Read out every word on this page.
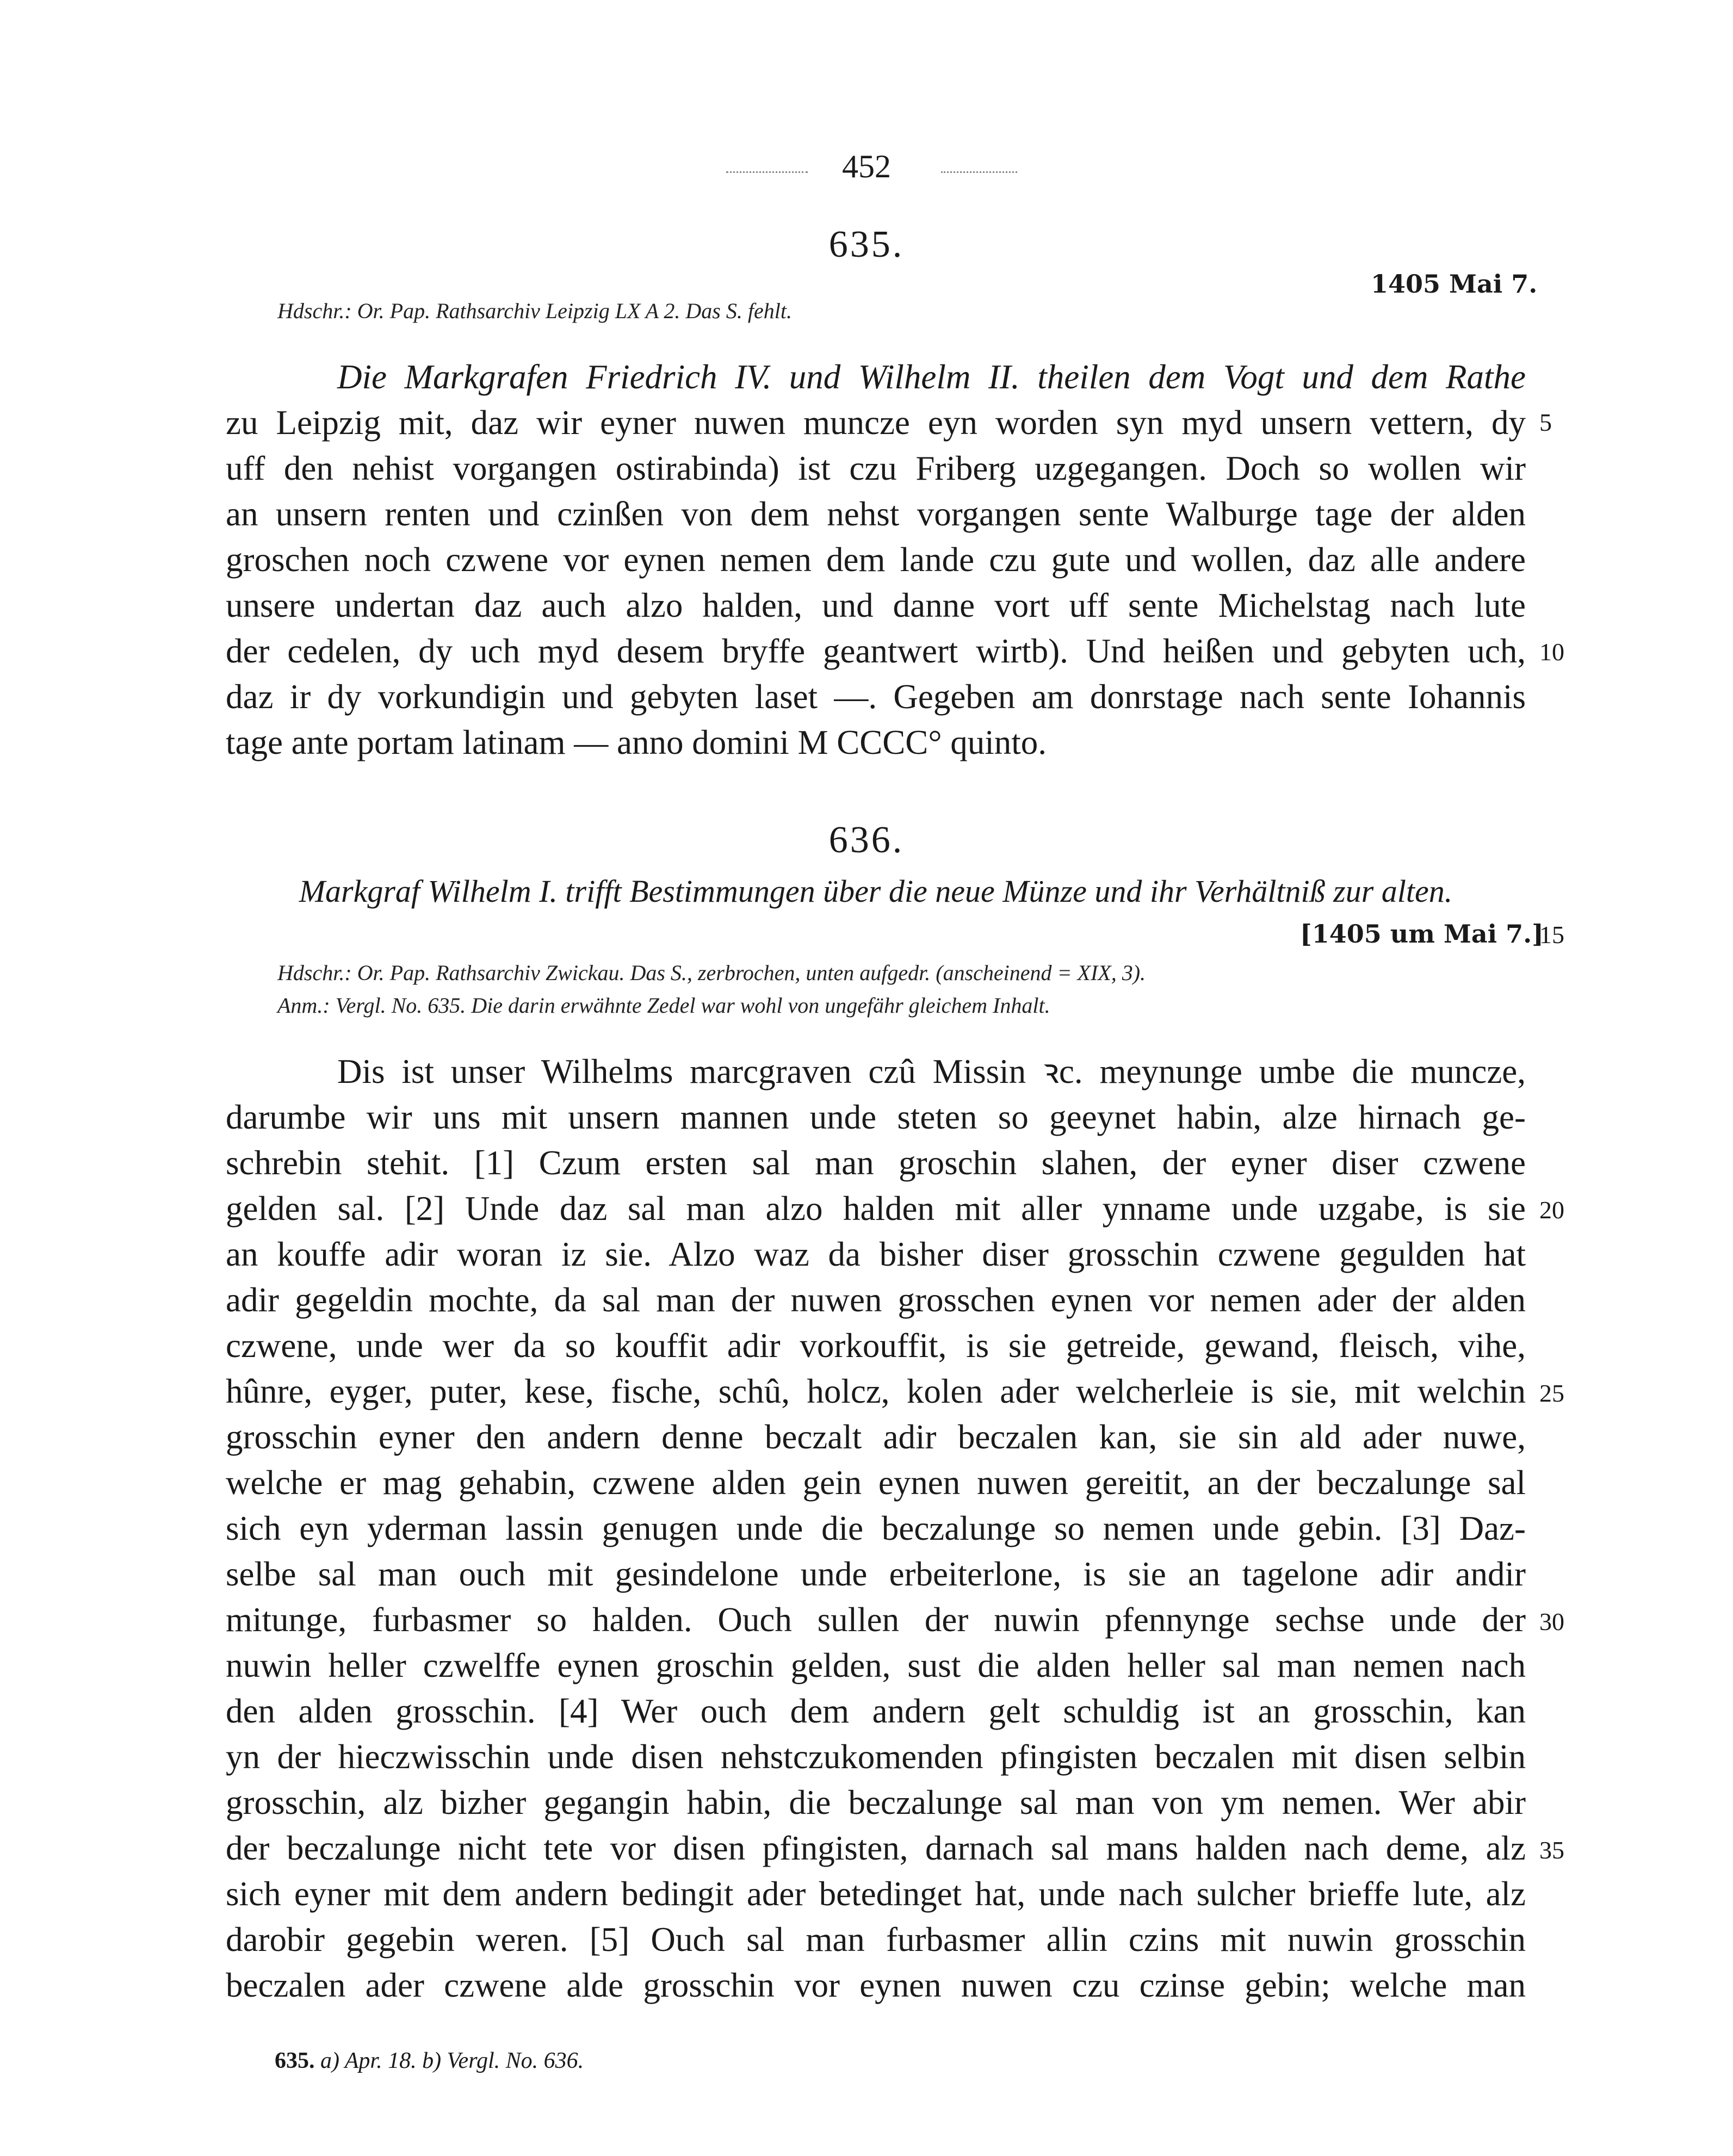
452
635.
1405 Mai 7.
Hdschr.: Or. Pap. Rathsarchiv Leipzig LX A 2. Das S. fehlt.
Die Markgrafen Friedrich IV. und Wilhelm II. theilen dem Vogt und dem Rathe
zu Leipzig mit, daz wir eyner nuwen muncze eyn worden syn myd unsern vettern, dy
uff den nehist vorgangen ostirabinda) ist czu Friberg uzgegangen. Doch so wollen wir
an unsern renten und czinßen von dem nehst vorgangen sente Walburge tage der alden
groschen noch czwene vor eynen nemen dem lande czu gute und wollen, daz alle andere
unsere undertan daz auch alzo halden, und danne vort uff sente Michelstag nach lute
der cedelen, dy uch myd desem bryffe geantwert wirtb). Und heißen und gebyten uch,
daz ir dy vorkundigin und gebyten laset —. Gegeben am donrstage nach sente Iohannis
tage ante portam latinam — anno domini M CCCC° quinto.
5
10
636.
Markgraf Wilhelm I. trifft Bestimmungen über die neue Münze und ihr Verhältniß zur alten.
[1405 um Mai 7.]
15
Hdschr.: Or. Pap. Rathsarchiv Zwickau. Das S., zerbrochen, unten aufgedr. (anscheinend = XIX, 3).
Anm.: Vergl. No. 635. Die darin erwähnte Zedel war wohl von ungefähr gleichem Inhalt.
Dis ist unser Wilhelms marcgraven czû Missin ꝛc. meynunge umbe die muncze,
darumbe wir uns mit unsern mannen unde steten so geeynet habin, alze hirnach ge-
schrebin stehit. [1] Czum ersten sal man groschin slahen, der eyner diser czwene
gelden sal. [2] Unde daz sal man alzo halden mit aller ynname unde uzgabe, is sie
an kouffe adir woran iz sie. Alzo waz da bisher diser grosschin czwene gegulden hat
adir gegeldin mochte, da sal man der nuwen grosschen eynen vor nemen ader der alden
czwene, unde wer da so kouffit adir vorkouffit, is sie getreide, gewand, fleisch, vihe,
hûnre, eyger, puter, kese, fische, schû, holcz, kolen ader welcherleie is sie, mit welchin
grosschin eyner den andern denne beczalt adir beczalen kan, sie sin ald ader nuwe,
welche er mag gehabin, czwene alden gein eynen nuwen gereitit, an der beczalunge sal
sich eyn yderman lassin genugen unde die beczalunge so nemen unde gebin. [3] Daz-
selbe sal man ouch mit gesindelone unde erbeiterlone, is sie an tagelone adir andir
mitunge, furbasmer so halden. Ouch sullen der nuwin pfennynge sechse unde der
nuwin heller czwelffe eynen groschin gelden, sust die alden heller sal man nemen nach
den alden grosschin. [4] Wer ouch dem andern gelt schuldig ist an grosschin, kan
yn der hieczwisschin unde disen nehstczukomenden pfingisten beczalen mit disen selbin
grosschin, alz bizher gegangin habin, die beczalunge sal man von ym nemen. Wer abir
der beczalunge nicht tete vor disen pfingisten, darnach sal mans halden nach deme, alz
sich eyner mit dem andern bedingit ader betedinget hat, unde nach sulcher brieffe lute, alz
darobir gegebin weren. [5] Ouch sal man furbasmer allin czins mit nuwin grosschin
beczalen ader czwene alde grosschin vor eynen nuwen czu czinse gebin; welche man
20
25
30
35
635. a) Apr. 18. b) Vergl. No. 636.
